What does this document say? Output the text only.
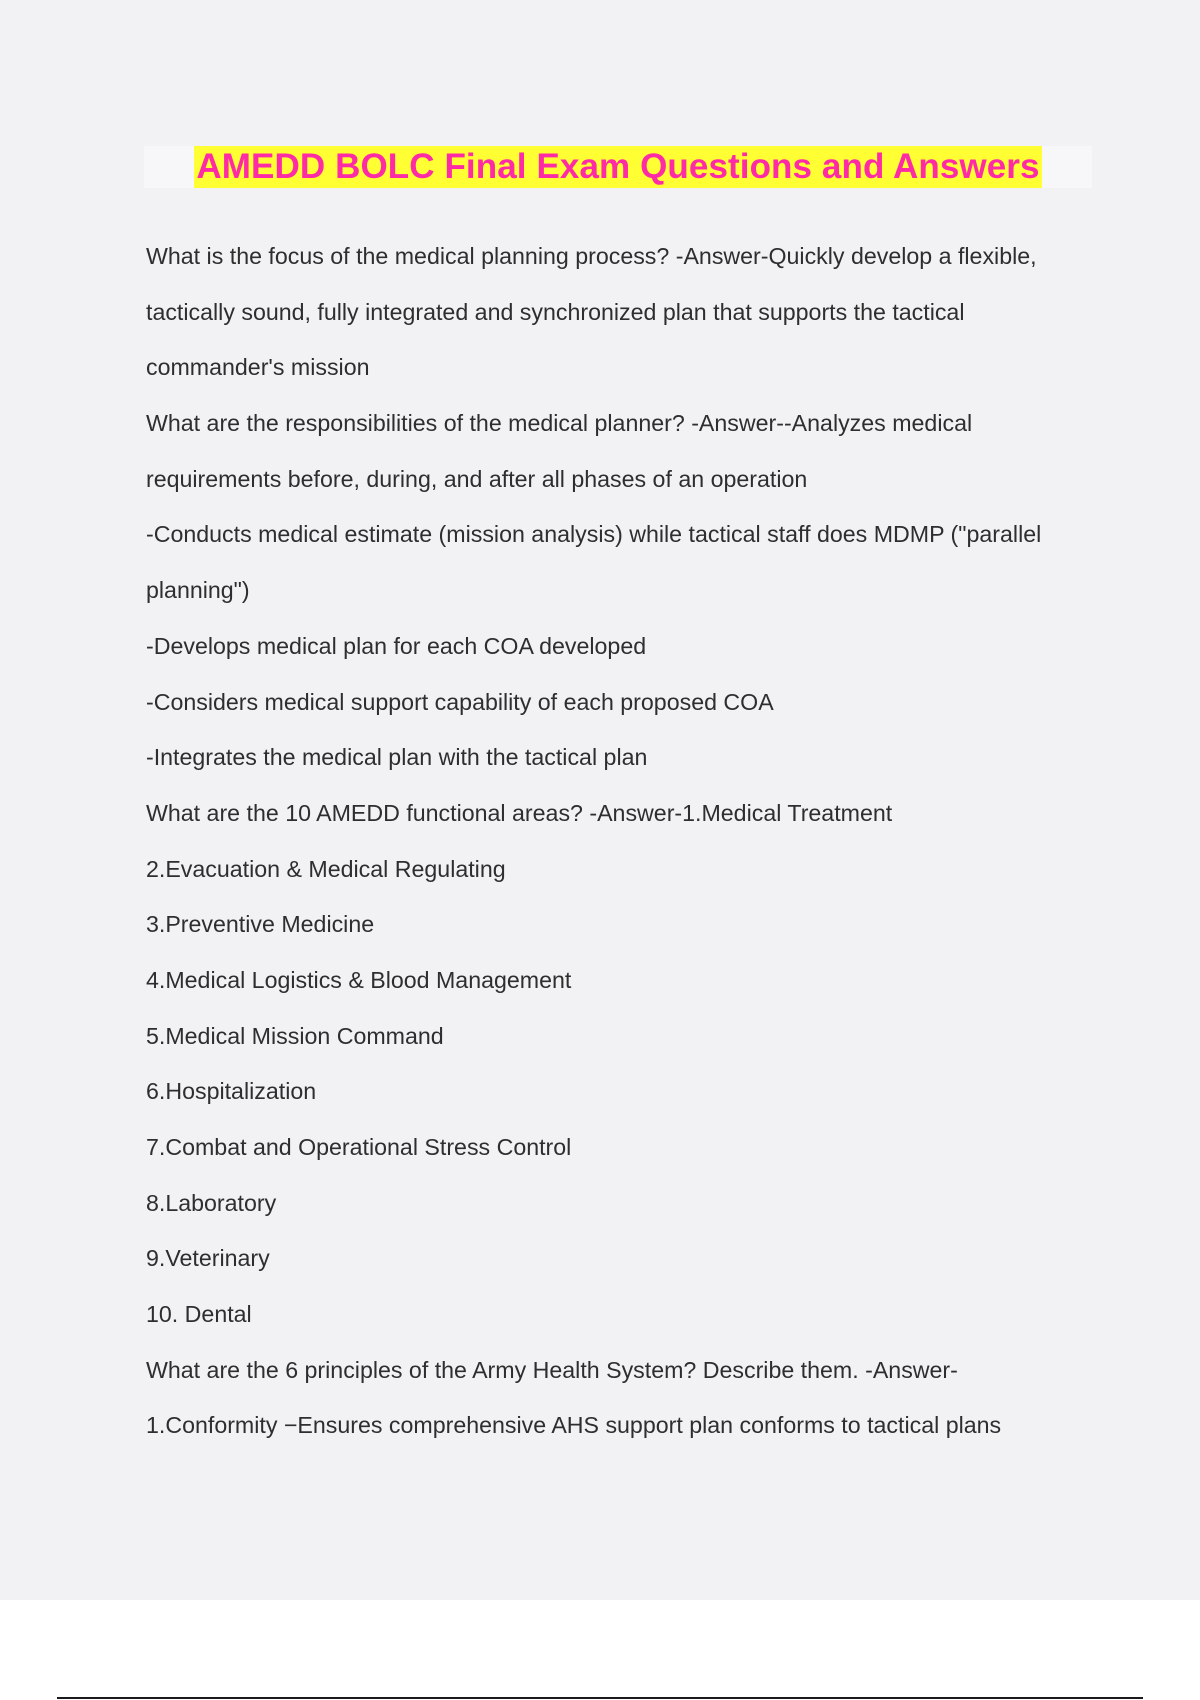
AMEDD BOLC Final Exam Questions and Answers
What is the focus of the medical planning process? -Answer-Quickly develop a flexible,
tactically sound, fully integrated and synchronized plan that supports the tactical
commander's mission
What are the responsibilities of the medical planner? -Answer--Analyzes medical
requirements before, during, and after all phases of an operation
-Conducts medical estimate (mission analysis) while tactical staff does MDMP ("parallel
planning")
-Develops medical plan for each COA developed
-Considers medical support capability of each proposed COA
-Integrates the medical plan with the tactical plan
What are the 10 AMEDD functional areas? -Answer-1.Medical Treatment
2.Evacuation & Medical Regulating
3.Preventive Medicine
4.Medical Logistics & Blood Management
5.Medical Mission Command
6.Hospitalization
7.Combat and Operational Stress Control
8.Laboratory
9.Veterinary
10. Dental
What are the 6 principles of the Army Health System? Describe them. -Answer-
1.Conformity −Ensures comprehensive AHS support plan conforms to tactical plans
